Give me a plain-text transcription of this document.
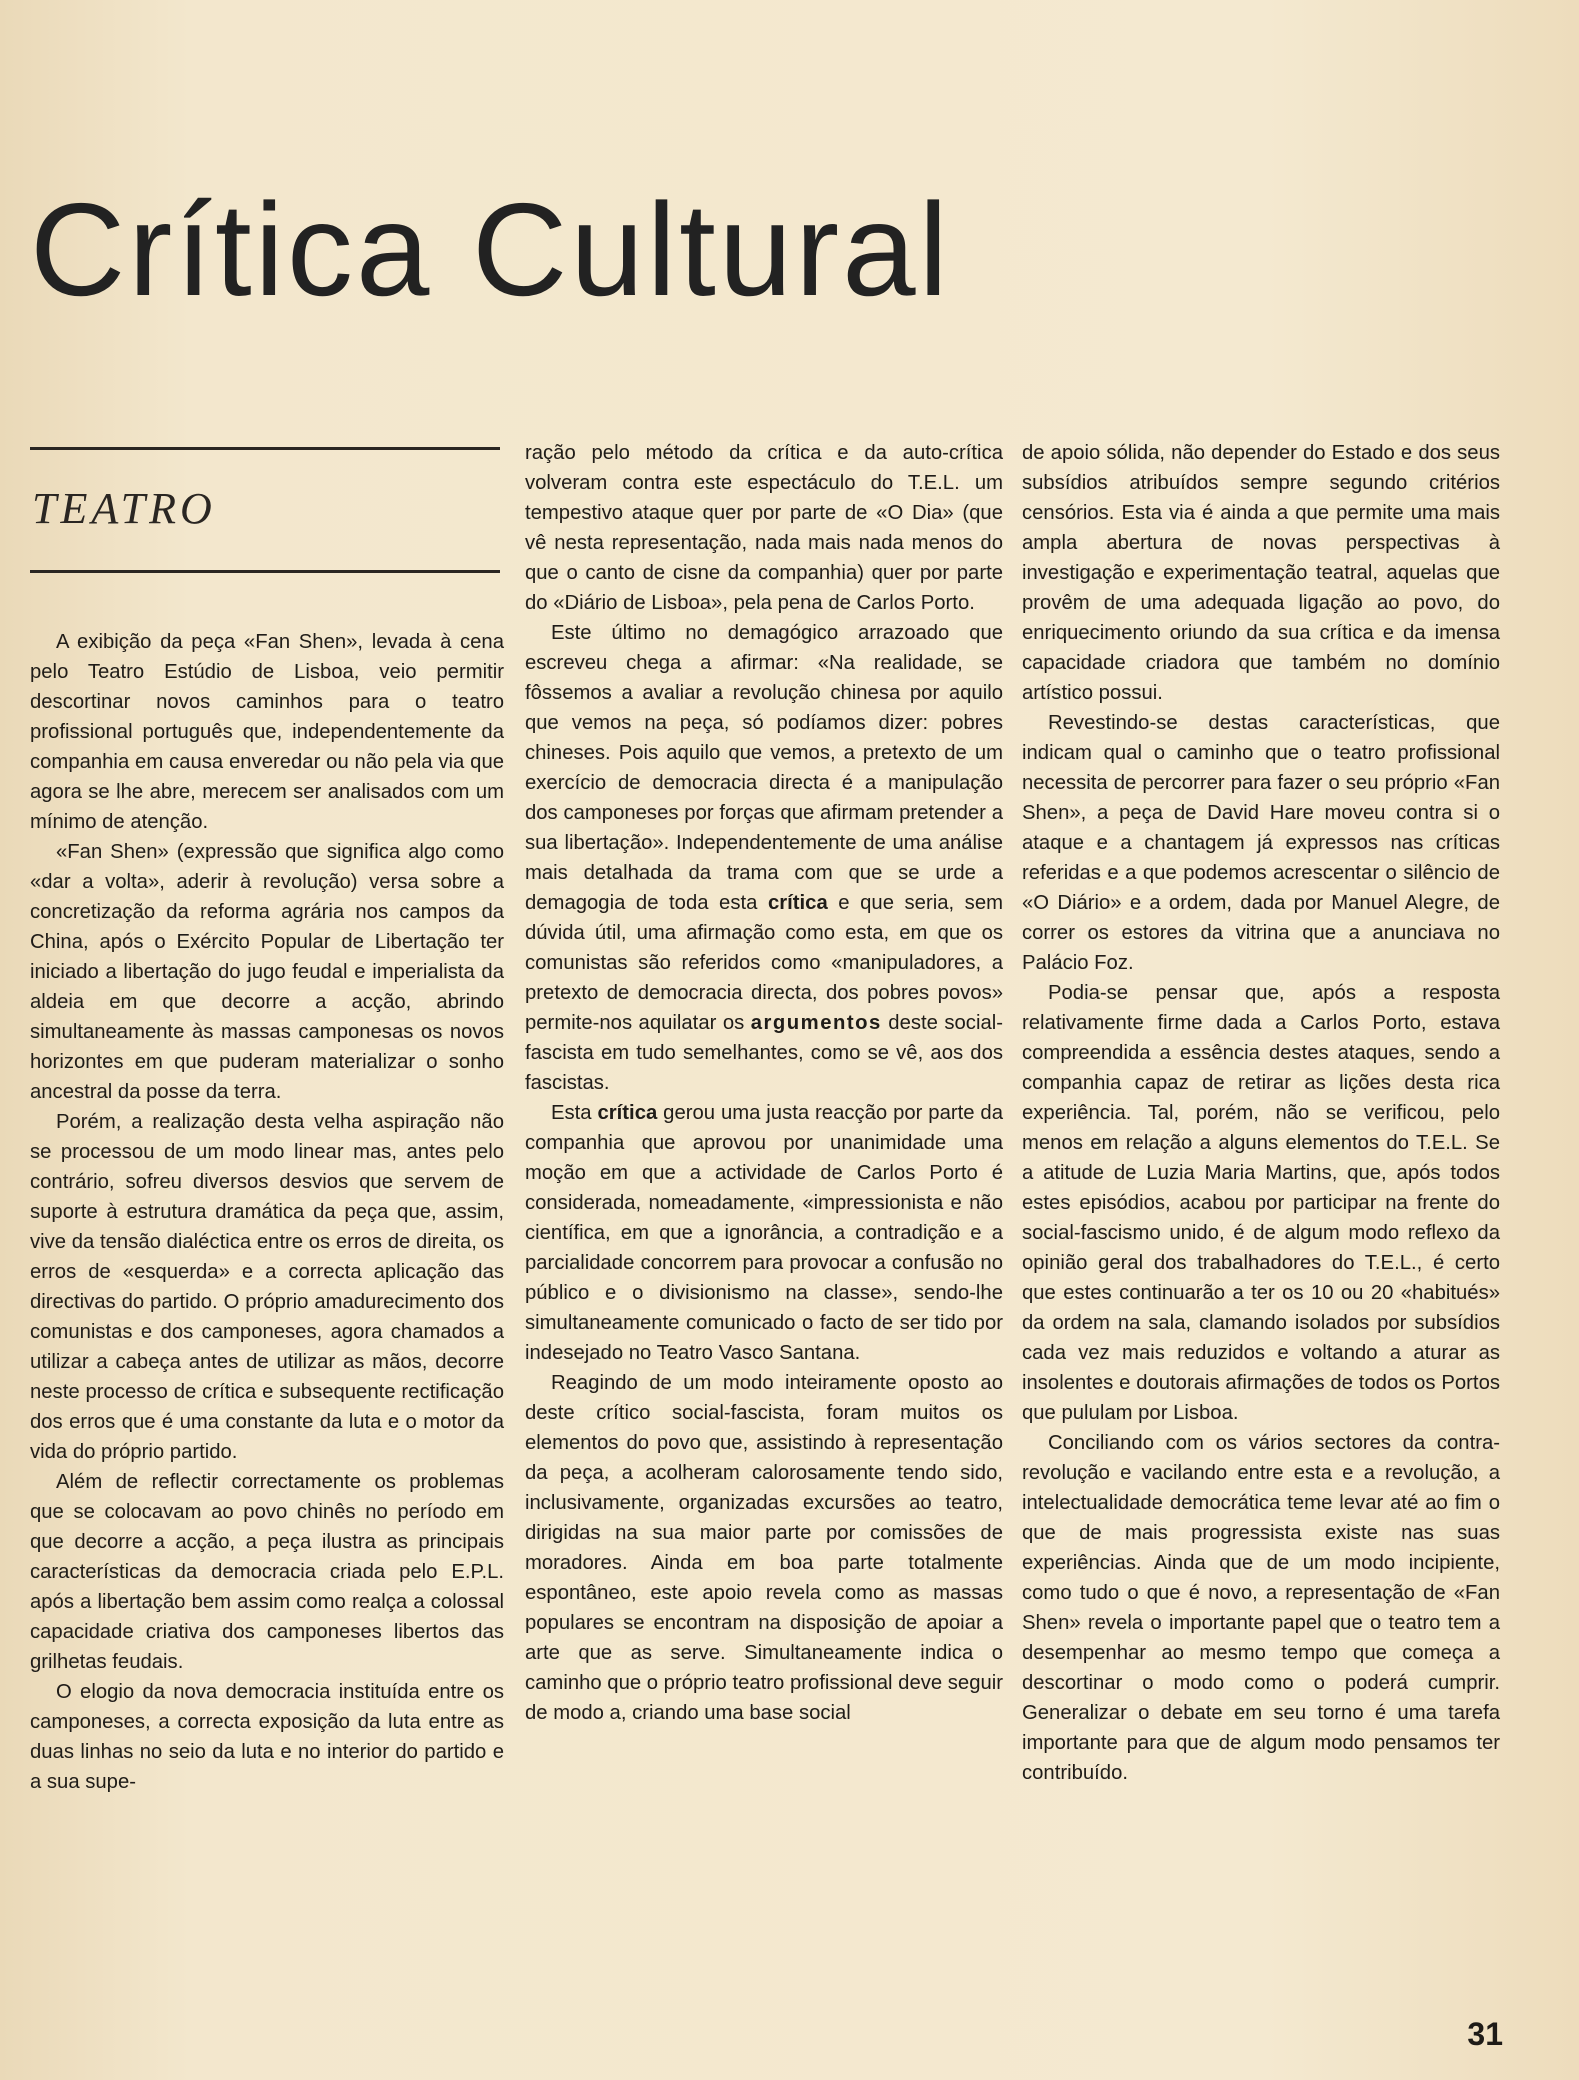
Crítica Cultural
TEATRO

A exibição da peça «Fan Shen», levada à cena pelo Teatro Estúdio de Lisboa, veio permitir descortinar novos caminhos para o teatro profissional português que, independentemente da companhia em causa enveredar ou não pela via que agora se lhe abre, merecem ser analisados com um mínimo de atenção.

«Fan Shen» (expressão que significa algo como «dar a volta», aderir à revolução) versa sobre a concretização da reforma agrária nos campos da China, após o Exército Popular de Libertação ter iniciado a libertação do jugo feudal e imperialista da aldeia em que decorre a acção, abrindo simultaneamente às massas camponesas os novos horizontes em que puderam materializar o sonho ancestral da posse da terra.

Porém, a realização desta velha aspiração não se processou de um modo linear mas, antes pelo contrário, sofreu diversos desvios que servem de suporte à estrutura dramática da peça que, assim, vive da tensão dialéctica entre os erros de direita, os erros de «esquerda» e a correcta aplicação das directivas do partido. O próprio amadurecimento dos comunistas e dos camponeses, agora chamados a utilizar a cabeça antes de utilizar as mãos, decorre neste processo de crítica e subsequente rectificação dos erros que é uma constante da luta e o motor da vida do próprio partido.

Além de reflectir correctamente os problemas que se colocavam ao povo chinês no período em que decorre a acção, a peça ilustra as principais características da democracia criada pelo E.P.L. após a libertação bem assim como realça a colossal capacidade criativa dos camponeses libertos das grilhetas feudais.

O elogio da nova democracia instituída entre os camponeses, a correcta exposição da luta entre as duas linhas no seio da luta e no interior do partido e a sua supe-

ração pelo método da crítica e da auto-crítica volveram contra este espectáculo do T.E.L. um tempestivo ataque quer por parte de «O Dia» (que vê nesta representação, nada mais nada menos do que o canto de cisne da companhia) quer por parte do «Diário de Lisboa», pela pena de Carlos Porto.

Este último no demagógico arrazoado que escreveu chega a afirmar: «Na realidade, se fôssemos a avaliar a revolução chinesa por aquilo que vemos na peça, só podíamos dizer: pobres chineses. Pois aquilo que vemos, a pretexto de um exercício de democracia directa é a manipulação dos camponeses por forças que afirmam pretender a sua libertação». Independentemente de uma análise mais detalhada da trama com que se urde a demagogia de toda esta crítica e que seria, sem dúvida útil, uma afirmação como esta, em que os comunistas são referidos como «manipuladores, a pretexto de democracia directa, dos pobres povos» permite-nos aquilatar os argumentos deste social-fascista em tudo semelhantes, como se vê, aos dos fascistas.

Esta crítica gerou uma justa reacção por parte da companhia que aprovou por unanimidade uma moção em que a actividade de Carlos Porto é considerada, nomeadamente, «impressionista e não científica, em que a ignorância, a contradição e a parcialidade concorrem para provocar a confusão no público e o divisionismo na classe», sendo-lhe simultaneamente comunicado o facto de ser tido por indesejado no Teatro Vasco Santana.

Reagindo de um modo inteiramente oposto ao deste crítico social-fascista, foram muitos os elementos do povo que, assistindo à representação da peça, a acolheram calorosamente tendo sido, inclusivamente, organizadas excursões ao teatro, dirigidas na sua maior parte por comissões de moradores. Ainda em boa parte totalmente espontâneo, este apoio revela como as massas populares se encontram na disposição de apoiar a arte que as serve. Simultaneamente indica o caminho que o próprio teatro profissional deve seguir de modo a, criando uma base social

de apoio sólida, não depender do Estado e dos seus subsídios atribuídos sempre segundo critérios censórios. Esta via é ainda a que permite uma mais ampla abertura de novas perspectivas à investigação e experimentação teatral, aquelas que provêm de uma adequada ligação ao povo, do enriquecimento oriundo da sua crítica e da imensa capacidade criadora que também no domínio artístico possui.

Revestindo-se destas características, que indicam qual o caminho que o teatro profissional necessita de percorrer para fazer o seu próprio «Fan Shen», a peça de David Hare moveu contra si o ataque e a chantagem já expressos nas críticas referidas e a que podemos acrescentar o silêncio de «O Diário» e a ordem, dada por Manuel Alegre, de correr os estores da vitrina que a anunciava no Palácio Foz.

Podia-se pensar que, após a resposta relativamente firme dada a Carlos Porto, estava compreendida a essência destes ataques, sendo a companhia capaz de retirar as lições desta rica experiência. Tal, porém, não se verificou, pelo menos em relação a alguns elementos do T.E.L. Se a atitude de Luzia Maria Martins, que, após todos estes episódios, acabou por participar na frente do social-fascismo unido, é de algum modo reflexo da opinião geral dos trabalhadores do T.E.L., é certo que estes continuarão a ter os 10 ou 20 «habitués» da ordem na sala, clamando isolados por subsídios cada vez mais reduzidos e voltando a aturar as insolentes e doutorais afirmações de todos os Portos que pululam por Lisboa.

Conciliando com os vários sectores da contra-revolução e vacilando entre esta e a revolução, a intelectualidade democrática teme levar até ao fim o que de mais progressista existe nas suas experiências. Ainda que de um modo incipiente, como tudo o que é novo, a representação de «Fan Shen» revela o importante papel que o teatro tem a desempenhar ao mesmo tempo que começa a descortinar o modo como o poderá cumprir. Generalizar o debate em seu torno é uma tarefa importante para que de algum modo pensamos ter contribuído.

31
